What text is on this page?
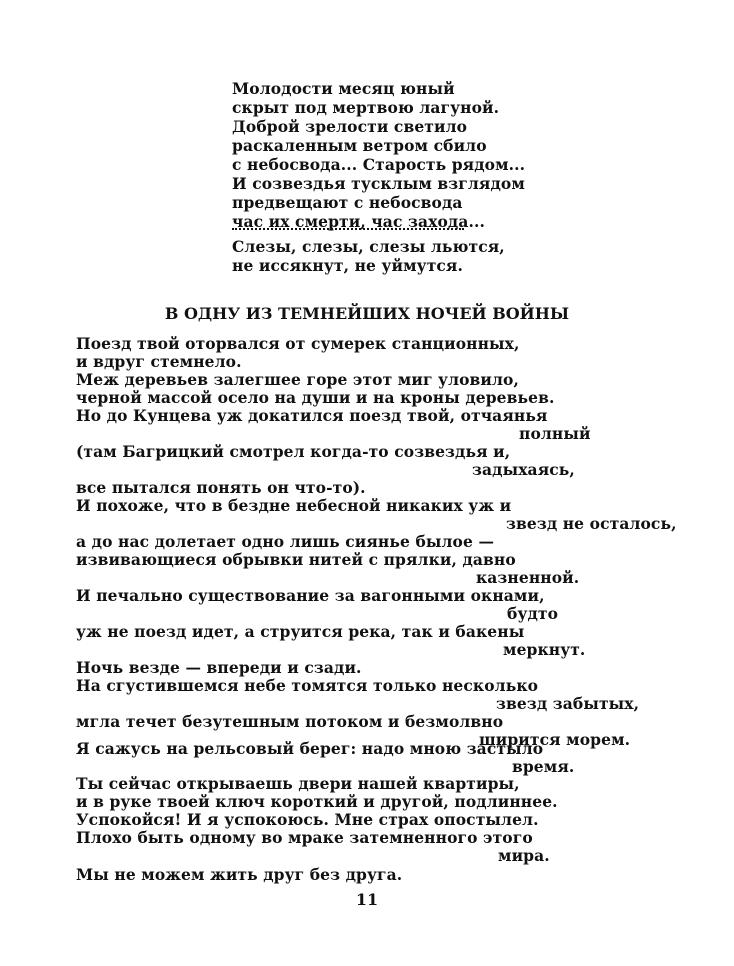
Молодости месяц юный
скрыт под мертвою лагуной.
Доброй зрелости светило
раскаленным ветром сбило
с небосвода... Старость рядом...
И созвездья тусклым взглядом
предвещают с небосвода
час их смерти, час захода...
Слезы, слезы, слезы льются,
не иссякнут, не уймутся.
В ОДНУ ИЗ ТЕМНЕЙШИХ НОЧЕЙ ВОЙНЫ
Поезд твой оторвался от сумерек станционных,
и вдруг стемнело.
Меж деревьев залегшее горе этот миг уловило,
черной массой осело на души и на кроны деревьев.
Но до Кунцева уж докатился поезд твой, отчаянья
полный
(там Багрицкий смотрел когда-то созвездья и,
задыхаясь,
все пытался понять он что-то).
И похоже, что в бездне небесной никаких уж и
звезд не осталось,
а до нас долетает одно лишь сиянье былое —
извивающиеся обрывки нитей с прялки, давно
казненной.
И печально существование за вагонными окнами,
будто
уж не поезд идет, а струится река, так и бакены
меркнут.
Ночь везде — впереди и сзади.
На сгустившемся небе томятся только несколько
звезд забытых,
мгла течет безутешным потоком и безмолвно
ширится морем.
Я сажусь на рельсовый берег: надо мною застыло
время.
Ты сейчас открываешь двери нашей квартиры,
и в руке твоей ключ короткий и другой, подлиннее.
Успокойся! И я успокоюсь. Мне страх опостылел.
Плохо быть одному во мраке затемненного этого
мира.
Мы не можем жить друг без друга.
11
